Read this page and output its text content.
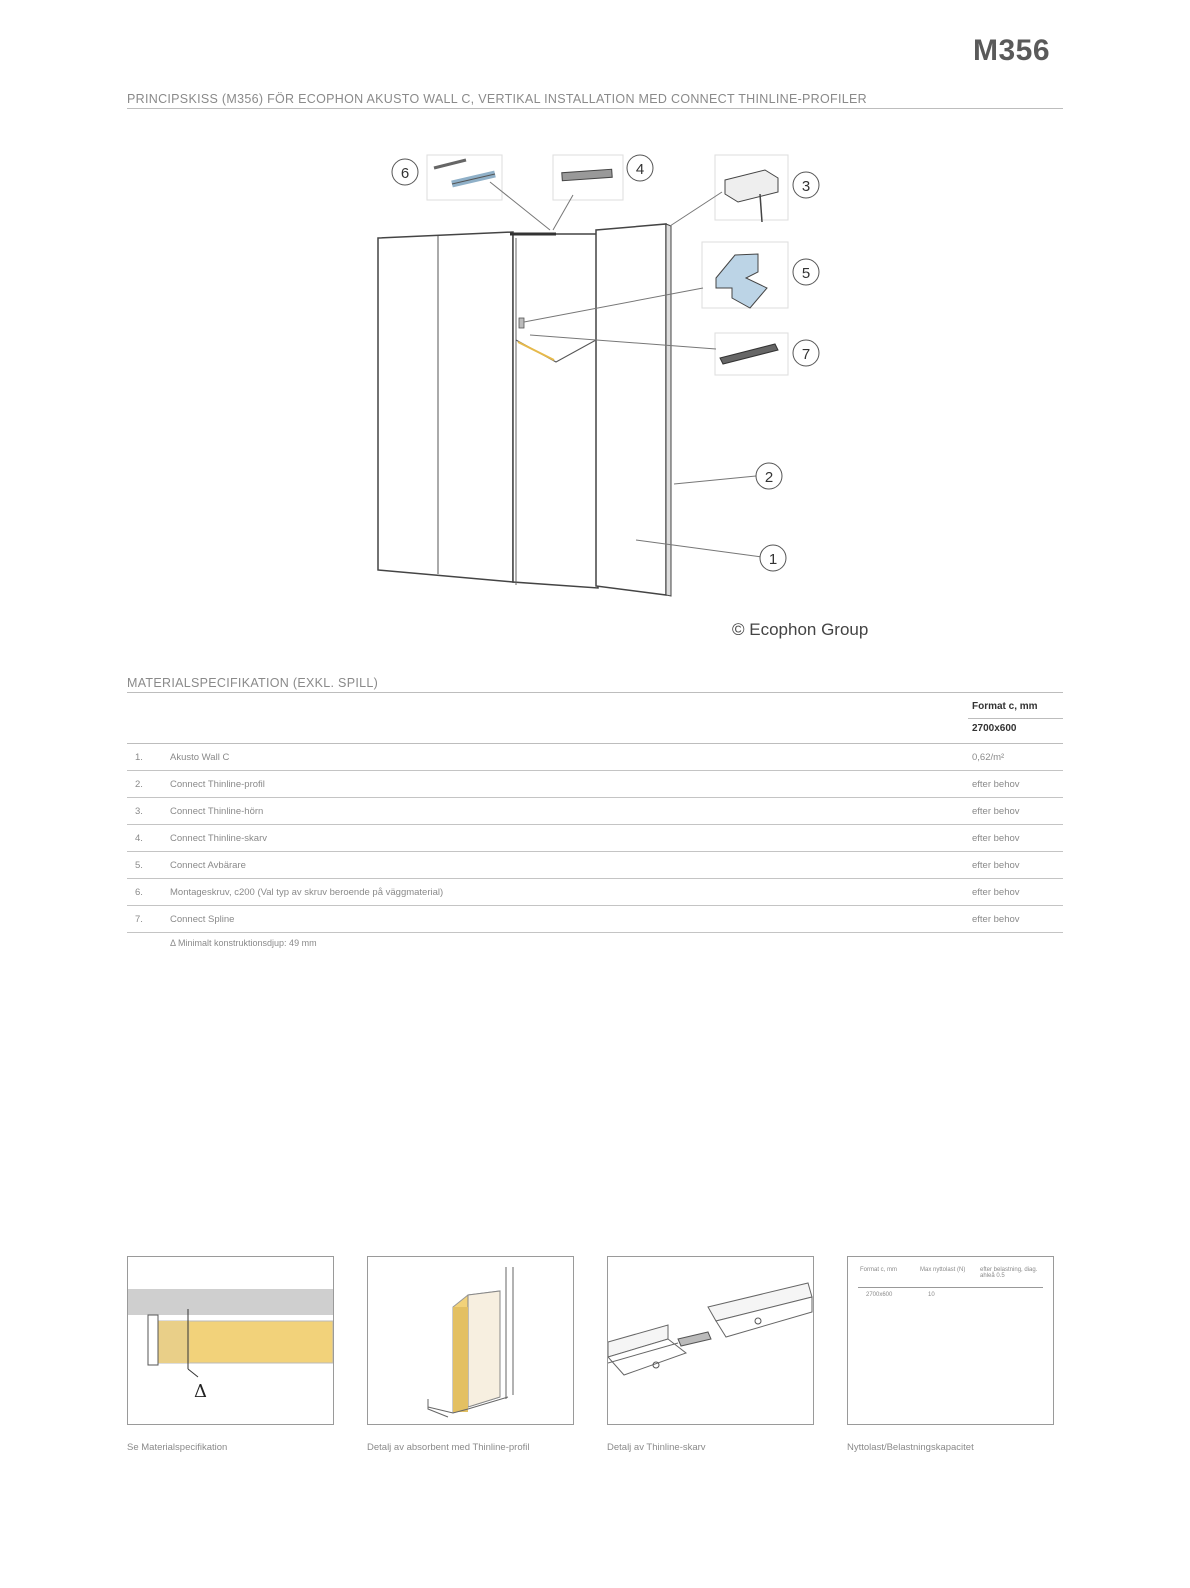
M356
PRINCIPSKISS (M356) FÖR ECOPHON AKUSTO WALL C, VERTIKAL INSTALLATION MED CONNECT THINLINE-PROFILER
6	4
3
5
7
2
1
© Ecophon Group
MATERIALSPECIFIKATION (EXKL. SPILL)
Format c, mm
2700x600
1.	Akusto Wall C	0,62/m²
2.	Connect Thinline-profil	efter behov
3.	Connect Thinline-hörn	efter behov
4.	Connect Thinline-skarv	efter behov
5.	Connect Avbärare	efter behov
6.	Montageskruv, c200 (Val typ av skruv beroende på väggmaterial)	efter behov
7.	Connect Spline	efter behov
Δ Minimalt konstruktionsdjup: 49 mm
Δ
Se Materialspecifikation	Detalj av absorbent med Thinline-profil	Detalj av Thinline-skarv
Format c, mm	Max nyttolast (N)	efter belastning, diag. ahleå 0.5
2700x600	10
Nyttolast/Belastningskapacitet
